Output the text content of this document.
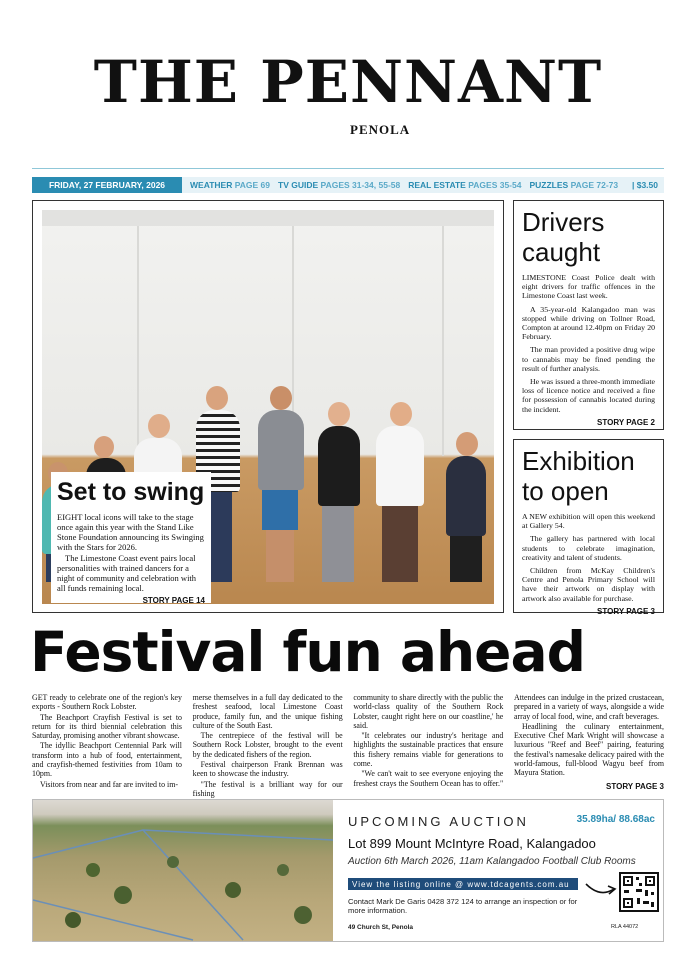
THE PENNANT
PENOLA
FRIDAY, 27 FEBRUARY, 2026	WEATHER PAGE 69 TV GUIDE PAGES 31-34, 55-58 REAL ESTATE PAGES 35-54 PUZZLES PAGE 72-73 | $3.50
Set to swing
EIGHT local icons will take to the stage once again this year with the Stand Like Stone Foundation announcing its Swinging with the Stars for 2026.
The Limestone Coast event pairs local personalities with trained dancers for a night of community and celebration with all funds remaining local.
STORY PAGE 14
Drivers caught

LIMESTONE Coast Police dealt with eight drivers for traffic offences in the Limestone Coast last week.

A 35-year-old Kalangadoo man was stopped while driving on Tollner Road, Compton at around 12.40pm on Friday 20 February.

The man provided a positive drug wipe to cannabis may be fined pending the result of further analysis.

He was issued a three-month immediate loss of licence notice and received a fine for possession of cannabis located during the incident.

STORY PAGE 2
Exhibition to open

A NEW exhibition will open this weekend at Gallery 54.

The gallery has partnered with local students to celebrate imagination, creativity and talent of students.

Children from McKay Children's Centre and Penola Primary School will have their artwork on display with artwork also available for purchase.

STORY PAGE 3
Festival fun ahead

GET ready to celebrate one of the region's key exports - Southern Rock Lobster.

The Beachport Crayfish Festival is set to return for its third biennial celebration this Saturday, promising another vibrant showcase.

The idyllic Beachport Centennial Park will transform into a hub of food, entertainment, and crayfish-themed festivities from 10am to 10pm.

Visitors from near and far are invited to im-

merse themselves in a full day dedicated to the freshest seafood, local Limestone Coast produce, family fun, and the unique fishing culture of the South East.

The centrepiece of the festival will be Southern Rock Lobster, brought to the event by the dedicated fishers of the region.

Festival chairperson Frank Brennan was keen to showcase the industry.

"The festival is a brilliant way for our fishing

community to share directly with the public the world-class quality of the Southern Rock Lobster, caught right here on our coastline,' he said.

"It celebrates our industry's heritage and highlights the sustainable practices that ensure this fishery remains viable for generations to come.

"We can't wait to see everyone enjoying the freshest crays the Southern Ocean has to offer."

Attendees can indulge in the prized crustacean, prepared in a variety of ways, alongside a wide array of local food, wine, and craft beverages.

Headlining the culinary entertainment, Executive Chef Mark Wright will showcase a luxurious "Reef and Beef" pairing, featuring the festival's namesake delicacy paired with the world-famous, full-blood Wagyu beef from Mayura Station.

STORY PAGE 3
UPCOMING AUCTION	35.89ha/ 88.68ac
Lot 899 Mount McIntyre Road, Kalangadoo
Auction 6th March 2026, 11am Kalangadoo Football Club Rooms
View the listing online @ www.tdcagents.com.au
Contact Mark De Garis 0428 372 124 to arrange an inspection or for more information.
49 Church St, Penola	RLA 44072
